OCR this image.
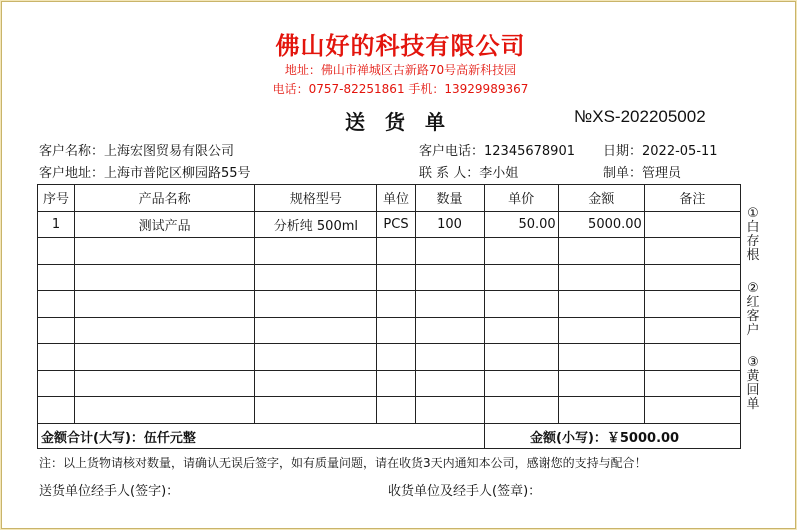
佛山好的科技有限公司
地址：佛山市禅城区古新路70号高新科技园
电话：0757-82251861 手机：13929989367
送货单	№XS-202205002
客户名称：上海宏图贸易有限公司	客户电话：12345678901 日期：2022-05-11
客户地址：上海市普陀区柳园路55号	联 系 人：李小姐	制单：管理员
序号	产品名称	规格型号	单位	数量	单价	金额	备注
1	测试产品	分析纯 500ml	PCS	100	50.00	5000.00	

金额合计(大写)：伍仟元整	金额(小写)：￥5000.00
注：以上货物请核对数量，请确认无误后签字，如有质量问题，请在收货3天内通知本公司，感谢您的支持与配合！
送货单位经手人(签字)：	收货单位及经手人(签章)：
①
白
存
根
②
红
客
户
③
黄
回
单
